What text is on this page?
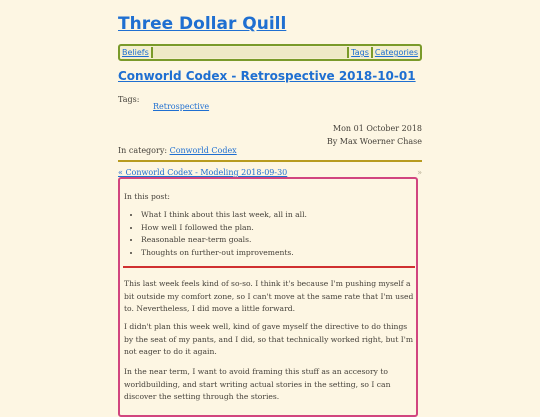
Three Dollar Quill
Beliefs	Tags Categories
Conworld Codex - Retrospective 2018-10-01
Tags:
Retrospective
Mon 01 October 2018
By Max Woerner Chase
In category: Conworld Codex
« Conworld Codex - Modeling 2018-09-30	»
In this post:
• What I think about this last week, all in all.
• How well I followed the plan.
• Reasonable near-term goals.
• Thoughts on further-out improvements.

This last week feels kind of so-so. I think it's because I'm pushing myself a bit outside my comfort zone, so I can't move at the same rate that I'm used to. Nevertheless, I did move a little forward.

I didn't plan this week well, kind of gave myself the directive to do things by the seat of my pants, and I did, so that technically worked right, but I'm not eager to do it again.

In the near term, I want to avoid framing this stuff as an accesory to worldbuilding, and start writing actual stories in the setting, so I can discover the setting through the stories.
